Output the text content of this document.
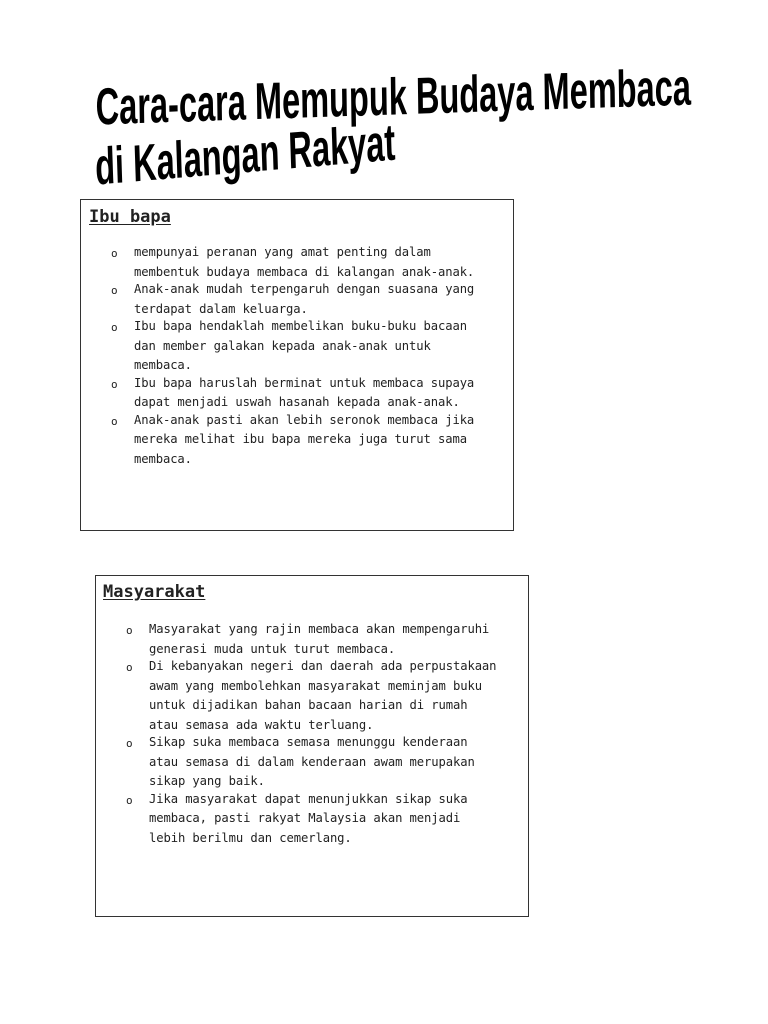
Cara-cara Memupuk Budaya Membaca
di Kalangan Rakyat
Ibu bapa
o mempunyai peranan yang amat penting dalam membentuk budaya membaca di kalangan anak-anak.
o Anak-anak mudah terpengaruh dengan suasana yang terdapat dalam keluarga.
o Ibu bapa hendaklah membelikan buku-buku bacaan dan member galakan kepada anak-anak untuk membaca.
o Ibu bapa haruslah berminat untuk membaca supaya dapat menjadi uswah hasanah kepada anak-anak.
o Anak-anak pasti akan lebih seronok membaca jika mereka melihat ibu bapa mereka juga turut sama membaca.
Masyarakat
o Masyarakat yang rajin membaca akan mempengaruhi generasi muda untuk turut membaca.
o Di kebanyakan negeri dan daerah ada perpustakaan awam yang membolehkan masyarakat meminjam buku untuk dijadikan bahan bacaan harian di rumah atau semasa ada waktu terluang.
o Sikap suka membaca semasa menunggu kenderaan atau semasa di dalam kenderaan awam merupakan sikap yang baik.
o Jika masyarakat dapat menunjukkan sikap suka membaca, pasti rakyat Malaysia akan menjadi lebih berilmu dan cemerlang.
